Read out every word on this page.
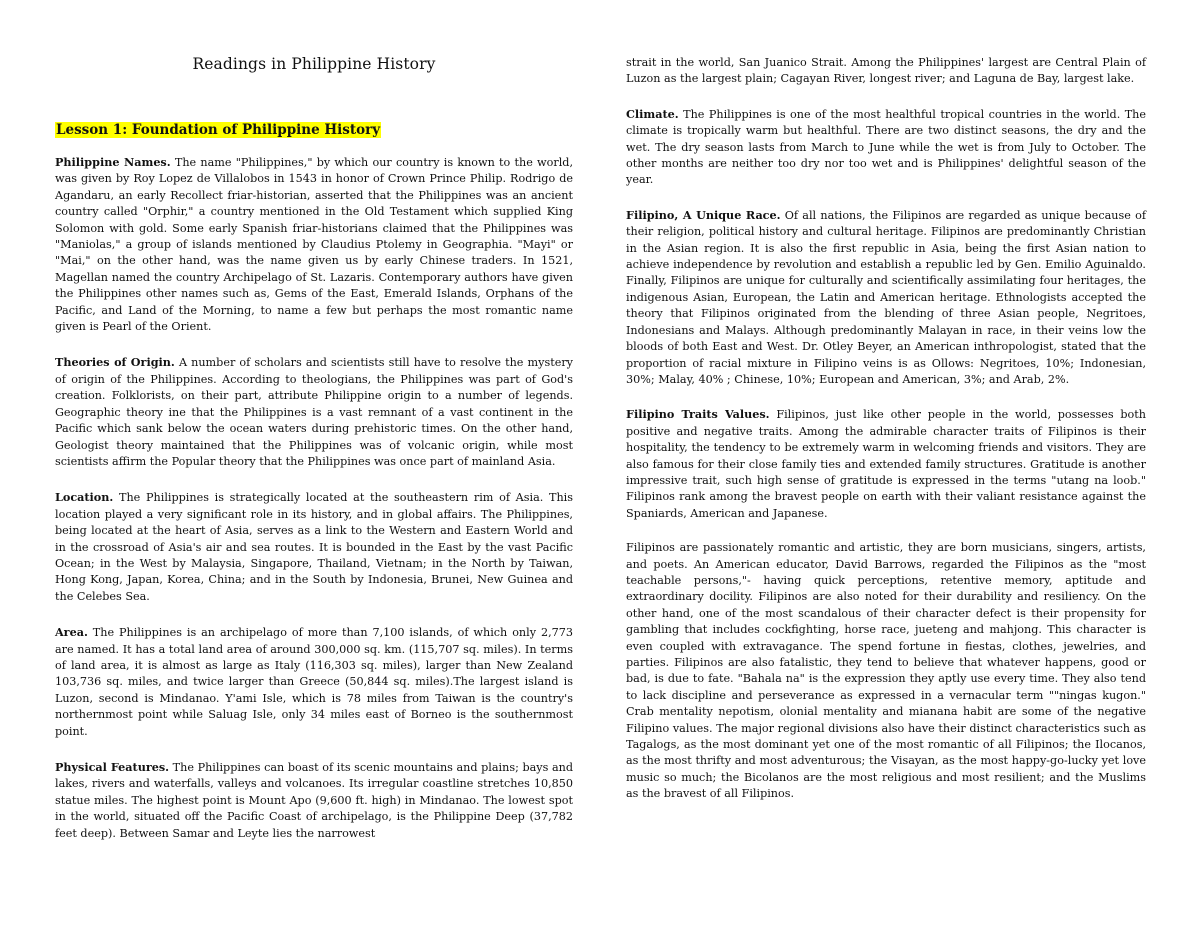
Readings in Philippine History
Lesson 1: Foundation of Philippine History

Philippine Names. The name "Philippines," by which our country is known to the world, was given by Roy Lopez de Villalobos in 1543 in honor of Crown Prince Philip. Rodrigo de Agandaru, an early Recollect friar-historian, asserted that the Philippines was an ancient country called "Orphir," a country mentioned in the Old Testament which supplied King Solomon with gold. Some early Spanish friar-historians claimed that the Philippines was "Maniolas," a group of islands mentioned by Claudius Ptolemy in Geographia. "Mayi" or "Mai," on the other hand, was the name given us by early Chinese traders. In 1521, Magellan named the country Archipelago of St. Lazaris. Contemporary authors have given the Philippines other names such as, Gems of the East, Emerald Islands, Orphans of the Pacific, and Land of the Morning, to name a few but perhaps the most romantic name given is Pearl of the Orient.

Theories of Origin. A number of scholars and scientists still have to resolve the mystery of origin of the Philippines. According to theologians, the Philippines was part of God's creation. Folklorists, on their part, attribute Philippine origin to a number of legends. Geographic theory ine that the Philippines is a vast remnant of a vast continent in the Pacific which sank below the ocean waters during prehistoric times. On the other hand, Geologist theory maintained that the Philippines was of volcanic origin, while most scientists affirm the Popular theory that the Philippines was once part of mainland Asia.

Location. The Philippines is strategically located at the southeastern rim of Asia. This location played a very significant role in its history, and in global affairs. The Philippines, being located at the heart of Asia, serves as a link to the Western and Eastern World and in the crossroad of Asia's air and sea routes. It is bounded in the East by the vast Pacific Ocean; in the West by Malaysia, Singapore, Thailand, Vietnam; in the North by Taiwan, Hong Kong, Japan, Korea, China; and in the South by Indonesia, Brunei, New Guinea and the Celebes Sea.

Area. The Philippines is an archipelago of more than 7,100 islands, of which only 2,773 are named. It has a total land area of around 300,000 sq. km. (115,707 sq. miles). In terms of land area, it is almost as large as Italy (116,303 sq. miles), larger than New Zealand 103,736 sq. miles, and twice larger than Greece (50,844 sq. miles).The largest island is Luzon, second is Mindanao. Y'ami Isle, which is 78 miles from Taiwan is the country's northernmost point while Saluag Isle, only 34 miles east of Borneo is the southernmost point.

Physical Features. The Philippines can boast of its scenic mountains and plains; bays and lakes, rivers and waterfalls, valleys and volcanoes. Its irregular coastline stretches 10,850 statue miles. The highest point is Mount Apo (9,600 ft. high) in Mindanao. The lowest spot in the world, situated off the Pacific Coast of archipelago, is the Philippine Deep (37,782 feet deep). Between Samar and Leyte lies the narrowest

strait in the world, San Juanico Strait. Among the Philippines' largest are Central Plain of Luzon as the largest plain; Cagayan River, longest river; and Laguna de Bay, largest lake.

Climate. The Philippines is one of the most healthful tropical countries in the world. The climate is tropically warm but healthful. There are two distinct seasons, the dry and the wet. The dry season lasts from March to June while the wet is from July to October. The other months are neither too dry nor too wet and is Philippines' delightful season of the year.

Filipino, A Unique Race. Of all nations, the Filipinos are regarded as unique because of their religion, political history and cultural heritage. Filipinos are predominantly Christian in the Asian region. It is also the first republic in Asia, being the first Asian nation to achieve independence by revolution and establish a republic led by Gen. Emilio Aguinaldo. Finally, Filipinos are unique for culturally and scientifically assimilating four heritages, the indigenous Asian, European, the Latin and American heritage. Ethnologists accepted the theory that Filipinos originated from the blending of three Asian people, Negritoes, Indonesians and Malays. Although predominantly Malayan in race, in their veins low the bloods of both East and West. Dr. Otley Beyer, an American inthropologist, stated that the proportion of racial mixture in Filipino veins is as Ollows: Negritoes, 10%; Indonesian, 30%; Malay, 40% ; Chinese, 10%; European and American, 3%; and Arab, 2%.

Filipino Traits Values. Filipinos, just like other people in the world, possesses both positive and negative traits. Among the admirable character traits of Filipinos is their hospitality, the tendency to be extremely warm in welcoming friends and visitors. They are also famous for their close family ties and extended family structures. Gratitude is another impressive trait, such high sense of gratitude is expressed in the terms "utang na loob." Filipinos rank among the bravest people on earth with their valiant resistance against the Spaniards, American and Japanese.

Filipinos are passionately romantic and artistic, they are born musicians, singers, artists, and poets. An American educator, David Barrows, regarded the Filipinos as the "most teachable persons,"- having quick perceptions, retentive memory, aptitude and extraordinary docility. Filipinos are also noted for their durability and resiliency. On the other hand, one of the most scandalous of their character defect is their propensity for gambling that includes cockfighting, horse race, jueteng and mahjong. This character is even coupled with extravagance. The spend fortune in fiestas, clothes, jewelries, and parties. Filipinos are also fatalistic, they tend to believe that whatever happens, good or bad, is due to fate. "Bahala na" is the expression they aptly use every time. They also tend to lack discipline and perseverance as expressed in a vernacular term ""ningas kugon." Crab mentality nepotism, olonial mentality and mianana habit are some of the negative Filipino values. The major regional divisions also have their distinct characteristics such as Tagalogs, as the most dominant yet one of the most romantic of all Filipinos; the Ilocanos, as the most thrifty and most adventurous; the Visayan, as the most happy-go-lucky yet love music so much; the Bicolanos are the most religious and most resilient; and the Muslims as the bravest of all Filipinos.
